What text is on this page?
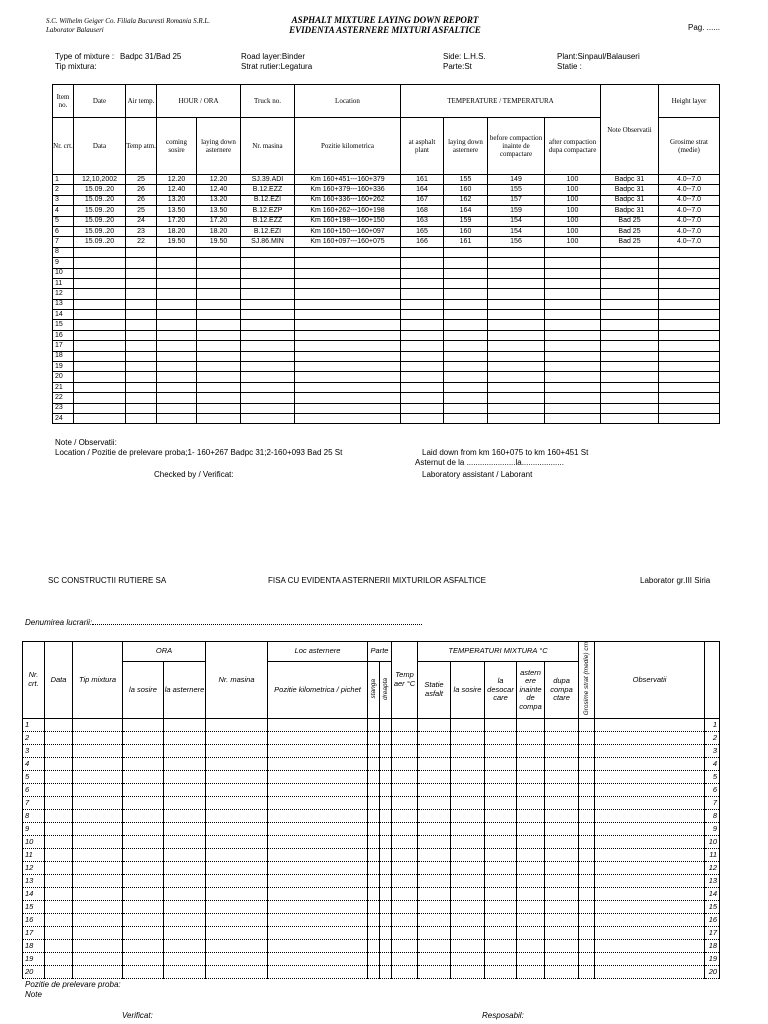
S.C. Wilhelm Geiger Co. Filiala Bucuresti Romania S.R.L.
Laborator Balauseri
ASPHALT MIXTURE LAYING DOWN REPORT
EVIDENTA ASTERNERE MIXTURI ASFALTICE	Pag. ......
Type of mixture : Badpc 31/Bad 25
Tip mixtura:
Road layer:Binder
Strat rutier:Legatura
Side: L.H.S.
Parte:St
Plant:Sinpaul/Balauseri
Statie :
Item no.	Date	Air temp.	HOUR / ORA		Truck no.	Location	TEMPERATURE / TEMPERATURA				Note Observatii	Height layer
Nr. crt.	Data	Temp atm.	coming sosire	laying down asternere	Nr. masina	Pozitie kilometrica	at asphalt plant	laying down asternere	before compaction inainte de compactare	after compaction dupa compactare		Grosime strat (medie)
1	12,10,2002	25	12.20	12.20	SJ.39.ADI	Km 160+451---160+379	161	155	149	100	Badpc 31	4.0--7.0
2	15.09..20	26	12.40	12.40	B.12.EZZ	Km 160+379---160+336	164	160	155	100	Badpc 31	4.0--7.0
3	15.09..20	26	13.20	13.20	B.12.EZI	Km 160+336---160+262	167	162	157	100	Badpc 31	4.0--7.0
4	15.09..20	25	13.50	13.50	B.12.EZP	Km 160+262---160+198	168	164	159	100	Badpc 31	4.0--7.0
5	15.09..20	24	17.20	17.20	B.12.EZZ	Km 160+198---160+150	163	159	154	100	Bad 25	4.0--7.0
6	15.09..20	23	18.20	18.20	B.12.EZI	Km 160+150---160+097	165	160	154	100	Bad 25	4.0--7.0
7	15.09..20	22	19.50	19.50	SJ.86.MIN	Km 160+097---160+075	166	161	156	100	Bad 25	4.0--7.0
8												
9												
10												
11												
12												
13												
14												
15												
16												
17												
18												
19												
20												
21												
22												
23												
24												
Note / Observatii:
Location / Pozitie de prelevare proba;1- 160+267 Badpc 31;2-160+093 Bad 25 St	Laid down from km 160+075 to km 160+451 St
Asternut de la ......................la...................
Checked by / Verificat:	Laboratory assistant / Laborant
SC CONSTRUCTII RUTIERE SA	FISA CU EVIDENTA ASTERNERII MIXTURILOR ASFALTICE	Laborator gr.III Siria
Denumirea lucrarii:
Nr. crt.	Data	Tip mixtura	ORA		Nr. masina	Loc asternere	Parte		Temp aer °C	TEMPERATURI MIXTURA °C					Grosime strat (medie) cm	Observatii	
			la sosire	la asternere		Pozitie kilometrica / pichet	stanga	dreapta		Statie asfalt	la sosire	la desocar care	astern ere inainte de compa	dupa compa ctare			
1																	1
2																	2
3																	3
4																	4
5																	5
6																	6
7																	7
8																	8
9																	9
10																	10
11																	11
12																	12
13																	13
14																	14
15																	15
16																	16
17																	17
18																	18
19																	19
20																	20
Pozitie de prelevare proba:
Note
Verificat:	Resposabil:
